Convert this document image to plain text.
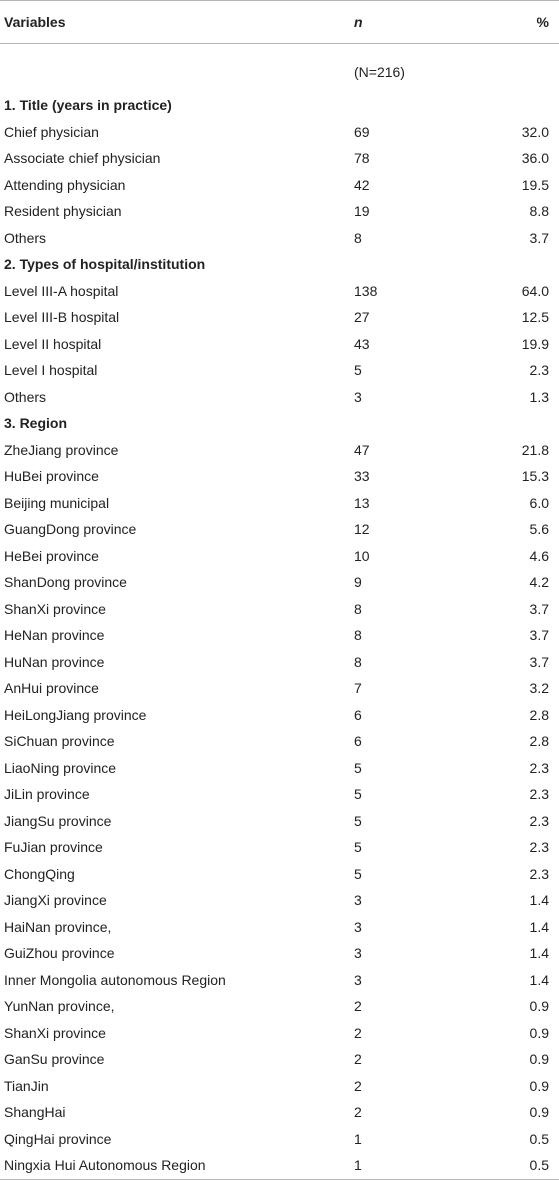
Variables	n	%
	(N=216)	
1. Title (years in practice)		
Chief physician	69	32.0
Associate chief physician	78	36.0
Attending physician	42	19.5
Resident physician	19	8.8
Others	8	3.7
2. Types of hospital/institution		
Level III-A hospital	138	64.0
Level III-B hospital	27	12.5
Level II hospital	43	19.9
Level I hospital	5	2.3
Others	3	1.3
3. Region		
ZheJiang province	47	21.8
HuBei province	33	15.3
Beijing municipal	13	6.0
GuangDong province	12	5.6
HeBei province	10	4.6
ShanDong province	9	4.2
ShanXi province	8	3.7
HeNan province	8	3.7
HuNan province	8	3.7
AnHui province	7	3.2
HeiLongJiang province	6	2.8
SiChuan province	6	2.8
LiaoNing province	5	2.3
JiLin province	5	2.3
JiangSu province	5	2.3
FuJian province	5	2.3
ChongQing	5	2.3
JiangXi province	3	1.4
HaiNan province,	3	1.4
GuiZhou province	3	1.4
Inner Mongolia autonomous Region	3	1.4
YunNan province,	2	0.9
ShanXi province	2	0.9
GanSu province	2	0.9
TianJin	2	0.9
ShangHai	2	0.9
QingHai province	1	0.5
Ningxia Hui Autonomous Region	1	0.5
